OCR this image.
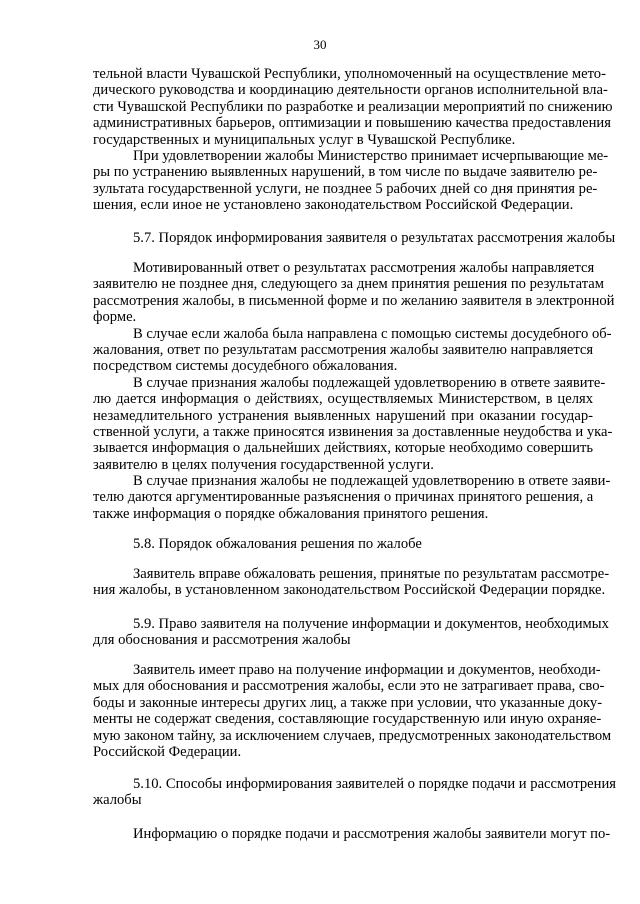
30
тельной власти Чувашской Республики, уполномоченный на осуществление мето-
дического руководства и координацию деятельности органов исполнительной вла-
сти Чувашской Республики по разработке и реализации мероприятий по снижению
административных барьеров, оптимизации и повышению качества предоставления
государственных и муниципальных услуг в Чувашской Республике.
При удовлетворении жалобы Министерство принимает исчерпывающие ме-
ры по устранению выявленных нарушений, в том числе по выдаче заявителю ре-
зультата государственной услуги, не позднее 5 рабочих дней со дня принятия ре-
шения, если иное не установлено законодательством Российской Федерации.
5.7. Порядок информирования заявителя о результатах рассмотрения жалобы
Мотивированный ответ о результатах рассмотрения жалобы направляется
заявителю не позднее дня, следующего за днем принятия решения по результатам
рассмотрения жалобы, в письменной форме и по желанию заявителя в электронной
форме.
В случае если жалоба была направлена с помощью системы досудебного об-
жалования, ответ по результатам рассмотрения жалобы заявителю направляется
посредством системы досудебного обжалования.
В случае признания жалобы подлежащей удовлетворению в ответе заявите-
лю дается информация о действиях, осуществляемых Министерством, в целях
незамедлительного устранения выявленных нарушений при оказании государ-
ственной услуги, а также приносятся извинения за доставленные неудобства и ука-
зывается информация о дальнейших действиях, которые необходимо совершить
заявителю в целях получения государственной услуги.
В случае признания жалобы не подлежащей удовлетворению в ответе заяви-
телю даются аргументированные разъяснения о причинах принятого решения, а
также информация о порядке обжалования принятого решения.
5.8. Порядок обжалования решения по жалобе
Заявитель вправе обжаловать решения, принятые по результатам рассмотре-
ния жалобы, в установленном законодательством Российской Федерации порядке.
5.9. Право заявителя на получение информации и документов, необходимых
для обоснования и рассмотрения жалобы
Заявитель имеет право на получение информации и документов, необходи-
мых для обоснования и рассмотрения жалобы, если это не затрагивает права, сво-
боды и законные интересы других лиц, а также при условии, что указанные доку-
менты не содержат сведения, составляющие государственную или иную охраняе-
мую законом тайну, за исключением случаев, предусмотренных законодательством
Российской Федерации.
5.10. Способы информирования заявителей о порядке подачи и рассмотрения
жалобы
Информацию о порядке подачи и рассмотрения жалобы заявители могут по-
